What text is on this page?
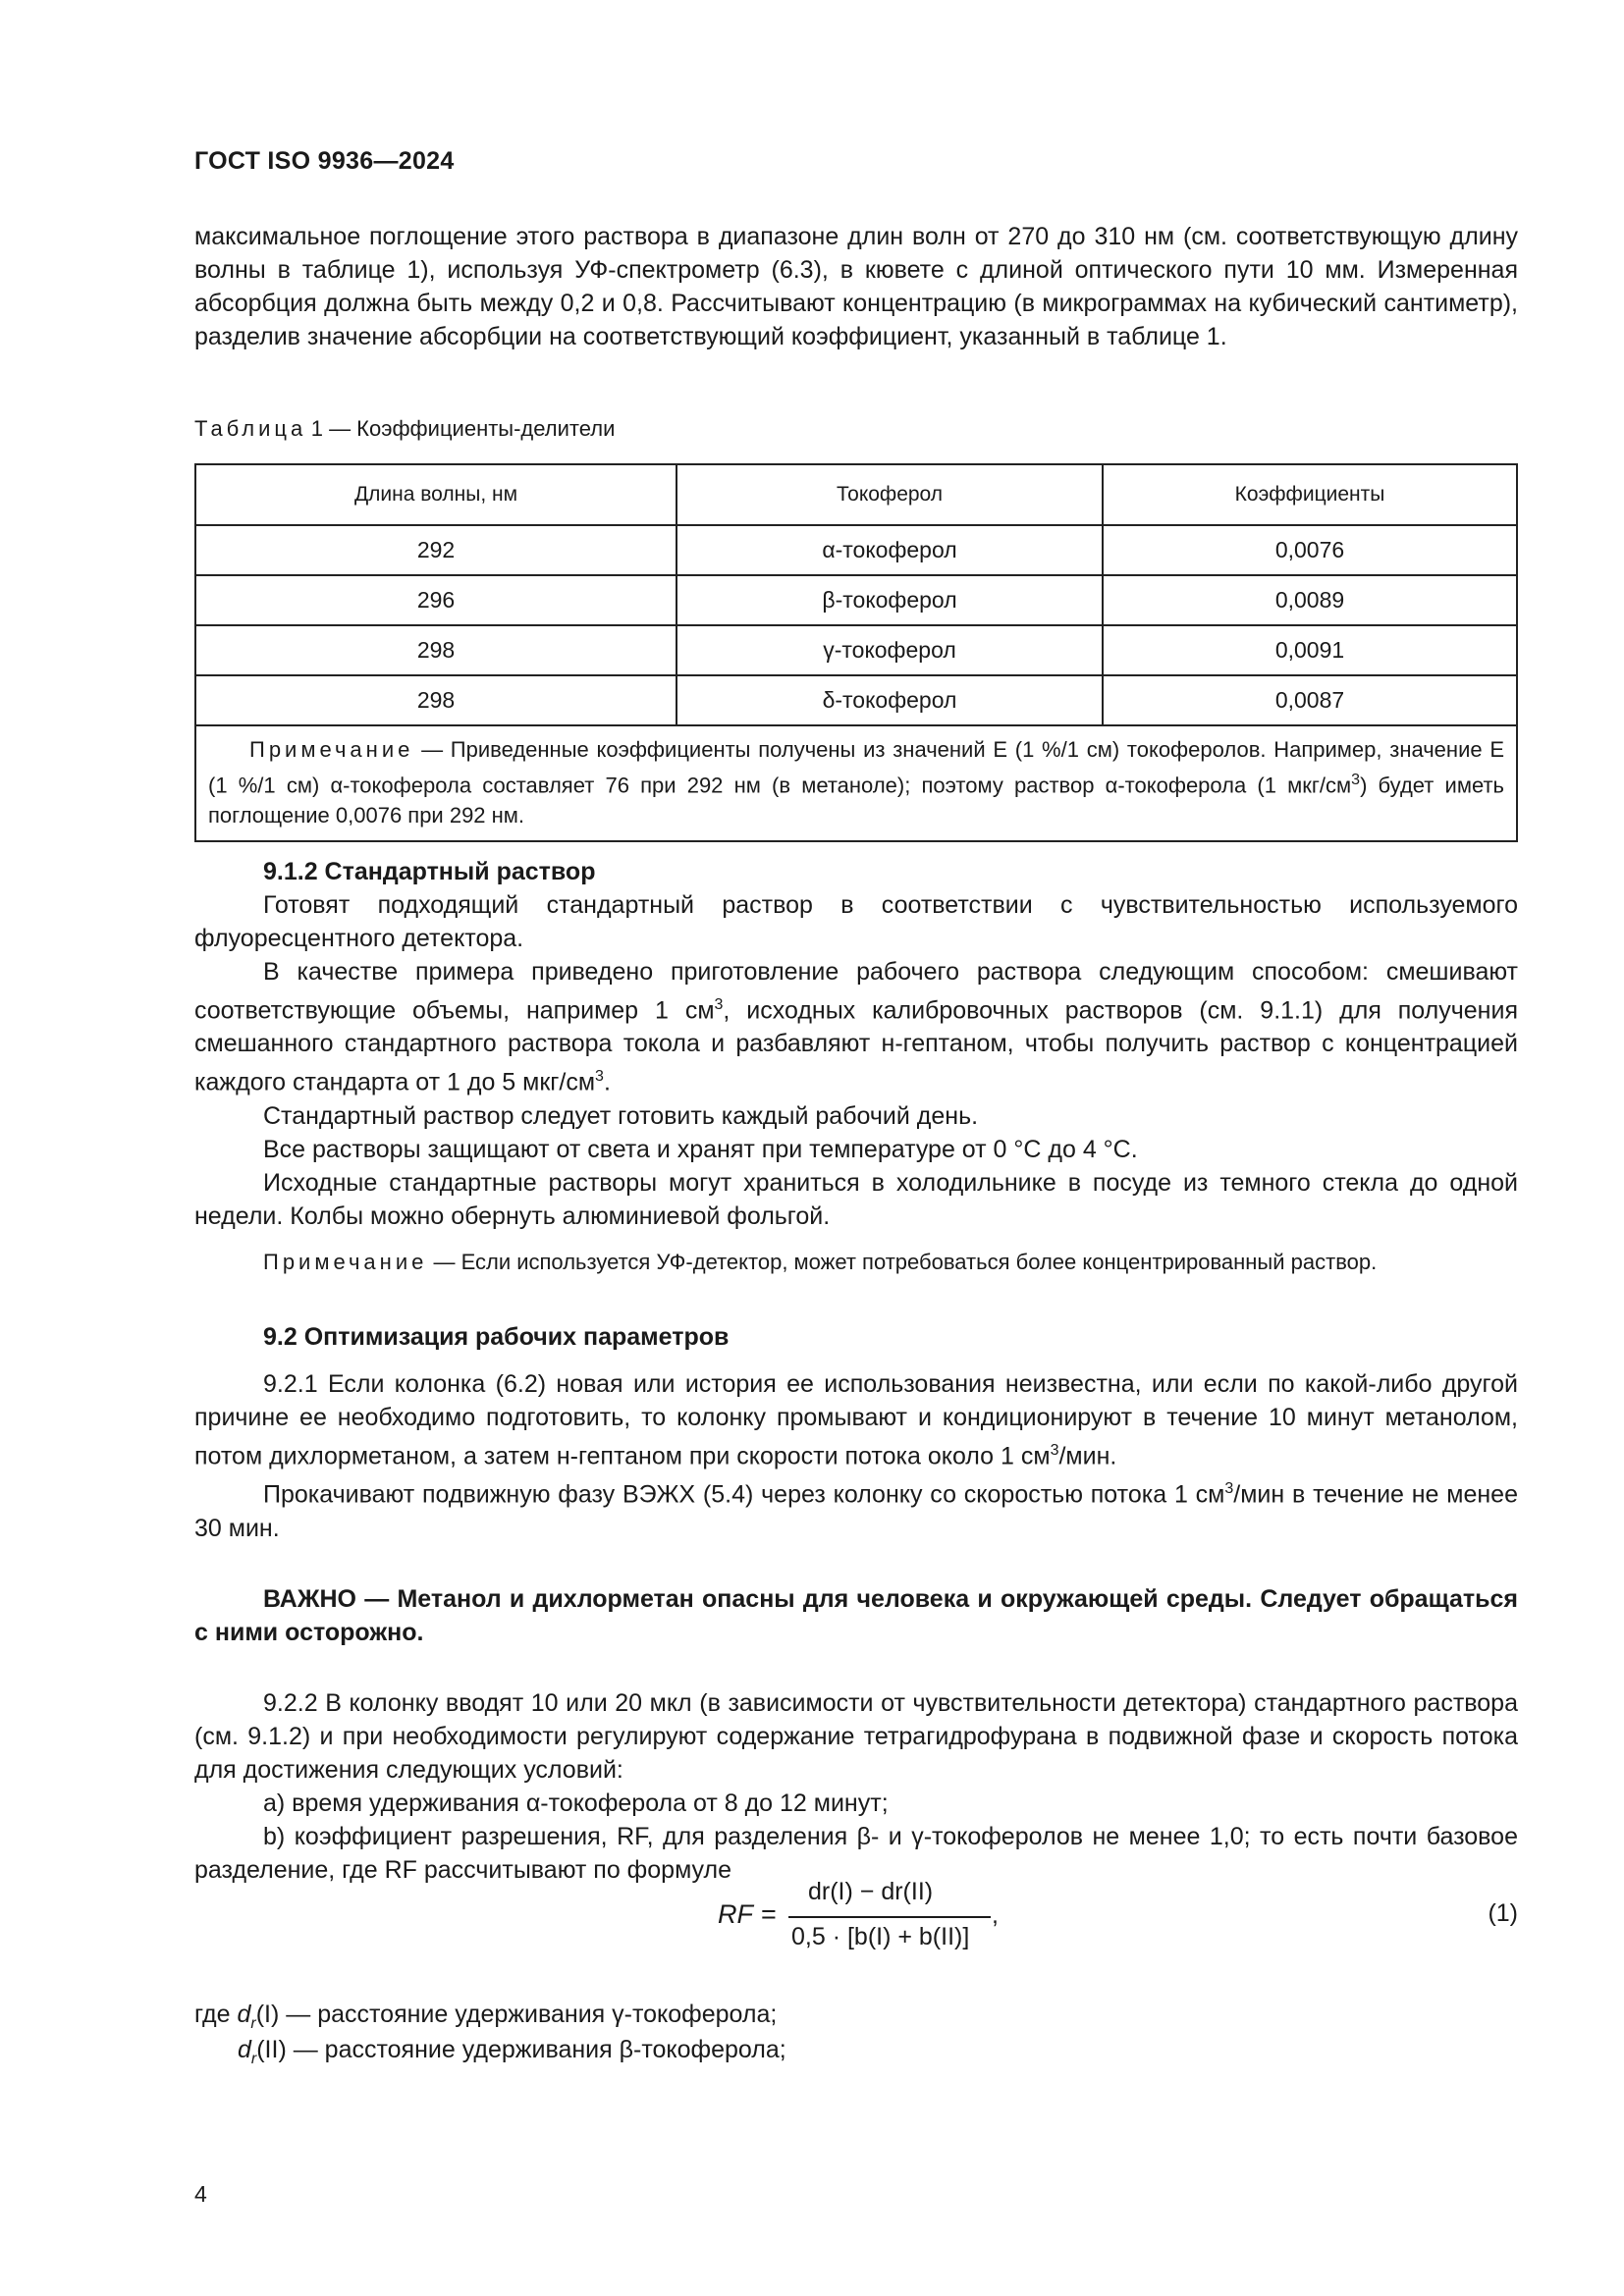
ГОСТ ISO 9936—2024

максимальное поглощение этого раствора в диапазоне длин волн от 270 до 310 нм (см. соответствующую длину волны в таблице 1), используя УФ-спектрометр (6.3), в кювете с длиной оптического пути 10 мм. Измеренная абсорбция должна быть между 0,2 и 0,8. Рассчитывают концентрацию (в микрограммах на кубический сантиметр), разделив значение абсорбции на соответствующий коэффициент, указанный в таблице 1.

Таблица 1 — Коэффициенты-делители
Длина волны, нм	Токоферол	Коэффициенты
292	α-токоферол	0,0076
296	β-токоферол	0,0089
298	γ-токоферол	0,0091
298	δ-токоферол	0,0087
Примечание — Приведенные коэффициенты получены из значений Е (1 %/1 см) токоферолов. Например, значение Е (1 %/1 см) α-токоферола составляет 76 при 292 нм (в метаноле); поэтому раствор α-токоферола (1 мкг/$см^3$) будет иметь поглощение 0,0076 при 292 нм.		

9.1.2 Стандартный раствор

Готовят подходящий стандартный раствор в соответствии с чувствительностью используемого флуоресцентного детектора.

В качестве примера приведено приготовление рабочего раствора следующим способом: смешивают соответствующие объемы, например 1 $см^3$, исходных калибровочных растворов (см. 9.1.1) для получения смешанного стандартного раствора токола и разбавляют н-гептаном, чтобы получить раствор с концентрацией каждого стандарта от 1 до 5 мкг/$см^3$.

Стандартный раствор следует готовить каждый рабочий день.

Все растворы защищают от света и хранят при температуре от 0 °С до 4 °С.

Исходные стандартные растворы могут храниться в холодильнике в посуде из темного стекла до одной недели. Колбы можно обернуть алюминиевой фольгой.

Примечание — Если используется УФ-детектор, может потребоваться более концентрированный раствор.

9.2 Оптимизация рабочих параметров

9.2.1 Если колонка (6.2) новая или история ее использования неизвестна, или если по какой-либо другой причине ее необходимо подготовить, то колонку промывают и кондиционируют в течение 10 минут метанолом, потом дихлорметаном, а затем н-гептаном при скорости потока около 1 $см^3$/мин.

Прокачивают подвижную фазу ВЭЖХ (5.4) через колонку со скоростью потока 1 $см^3$/мин в течение не менее 30 мин.

ВАЖНО — Метанол и дихлорметан опасны для человека и окружающей среды. Следует обращаться с ними осторожно.

9.2.2 В колонку вводят 10 или 20 мкл (в зависимости от чувствительности детектора) стандартного раствора (см. 9.1.2) и при необходимости регулируют содержание тетрагидрофурана в подвижной фазе и скорость потока для достижения следующих условий:

a) время удерживания α-токоферола от 8 до 12 минут;

b) коэффициент разрешения, RF, для разделения β- и γ-токоферолов не менее 1,0; то есть почти базовое разделение, где RF рассчитывают по формуле

RF =
dr(I) − dr(II)
0,5 · [b(I) + b(II)]
,	(1)
где $d_r(I)$ — расстояние удерживания γ-токоферола;
$d_r(II)$ — расстояние удерживания β-токоферола;
4
